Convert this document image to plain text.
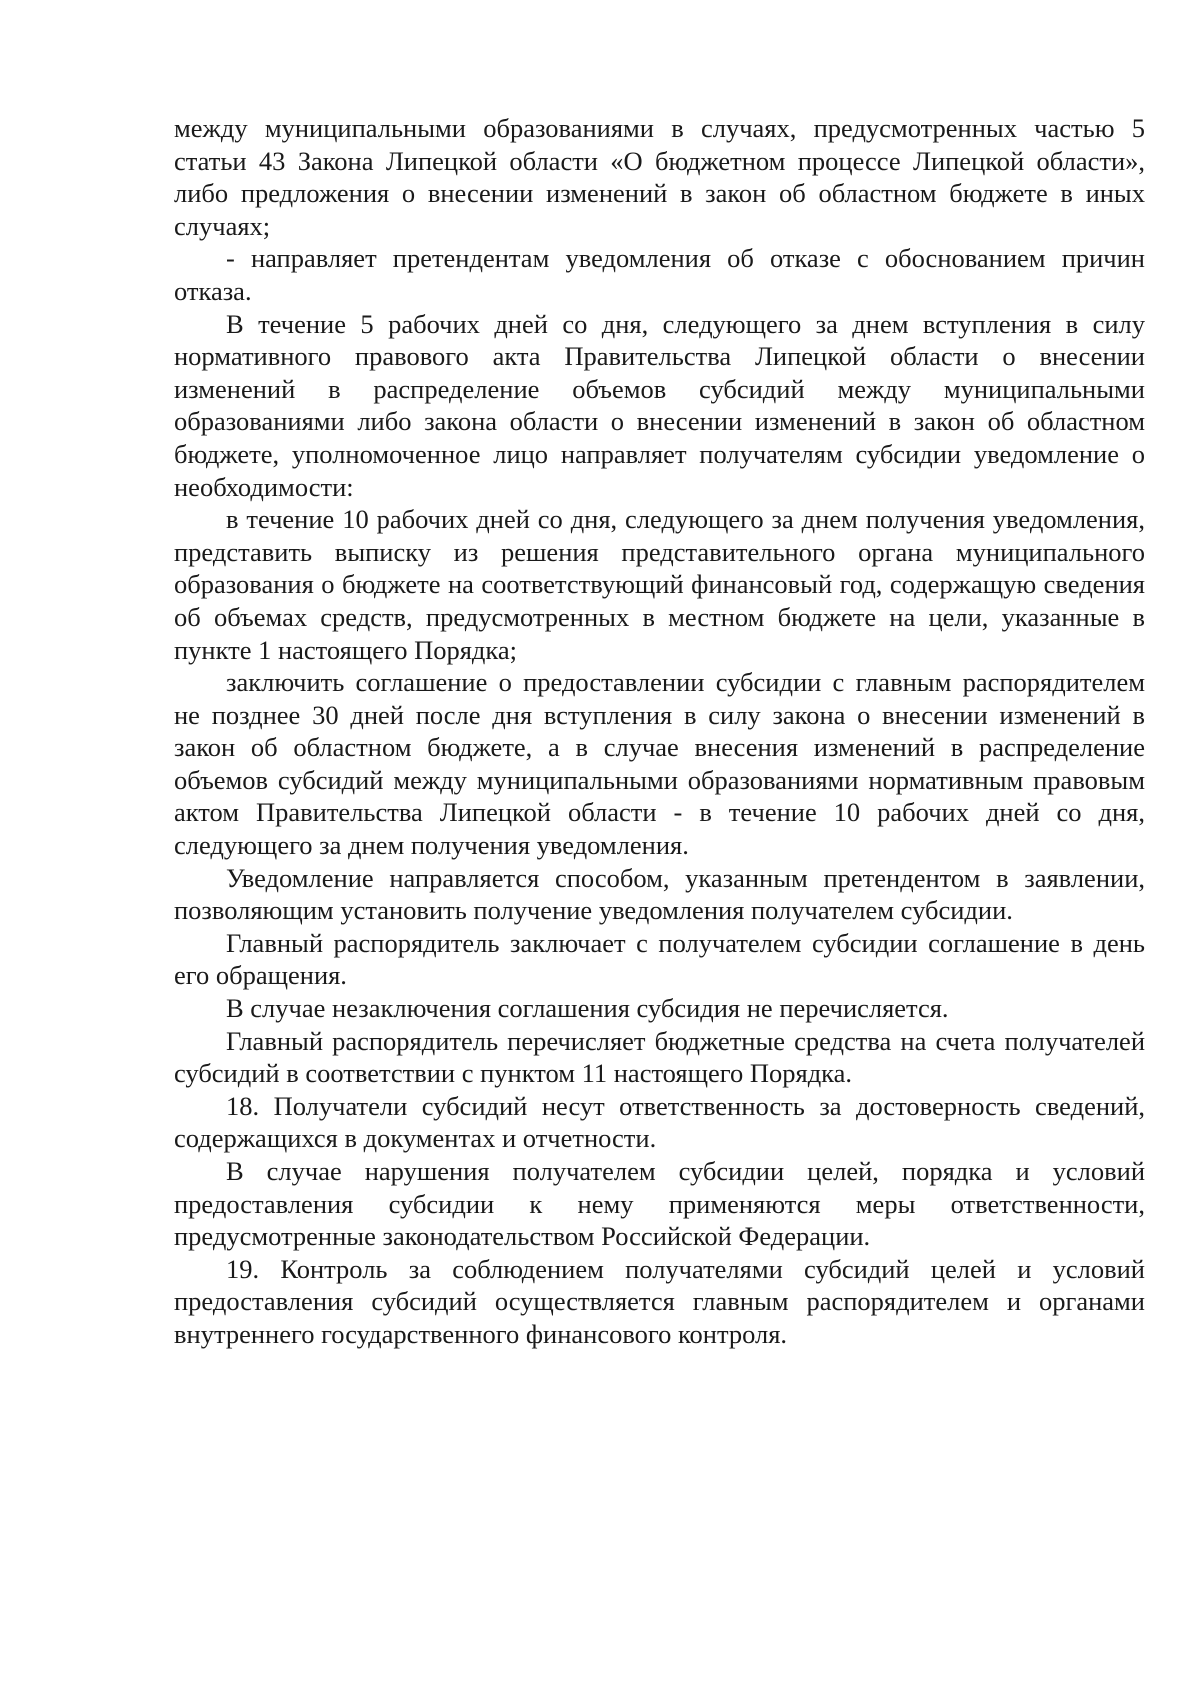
между муниципальными образованиями в случаях, предусмотренных частью 5 статьи 43 Закона Липецкой области «О бюджетном процессе Липецкой области», либо предложения о внесении изменений в закон об областном бюджете в иных случаях;

- направляет претендентам уведомления об отказе с обоснованием причин отказа.

В течение 5 рабочих дней со дня, следующего за днем вступления в силу нормативного правового акта Правительства Липецкой области о внесении изменений в распределение объемов субсидий между муниципальными образованиями либо закона области о внесении изменений в закон об областном бюджете, уполномоченное лицо направляет получателям субсидии уведомление о необходимости:

в течение 10 рабочих дней со дня, следующего за днем получения уведомления, представить выписку из решения представительного органа муниципального образования о бюджете на соответствующий финансовый год, содержащую сведения об объемах средств, предусмотренных в местном бюджете на цели, указанные в пункте 1 настоящего Порядка;

заключить соглашение о предоставлении субсидии с главным распорядителем не позднее 30 дней после дня вступления в силу закона о внесении изменений в закон об областном бюджете, а в случае внесения изменений в распределение объемов субсидий между муниципальными образованиями нормативным правовым актом Правительства Липецкой области - в течение 10 рабочих дней со дня, следующего за днем получения уведомления.

Уведомление направляется способом, указанным претендентом в заявлении, позволяющим установить получение уведомления получателем субсидии.

Главный распорядитель заключает с получателем субсидии соглашение в день его обращения.

В случае незаключения соглашения субсидия не перечисляется.

Главный распорядитель перечисляет бюджетные средства на счета получателей субсидий в соответствии с пунктом 11 настоящего Порядка.

18. Получатели субсидий несут ответственность за достоверность сведений, содержащихся в документах и отчетности.

В случае нарушения получателем субсидии целей, порядка и условий предоставления субсидии к нему применяются меры ответственности, предусмотренные законодательством Российской Федерации.

19. Контроль за соблюдением получателями субсидий целей и условий предоставления субсидий осуществляется главным распорядителем и органами внутреннего государственного финансового контроля.
